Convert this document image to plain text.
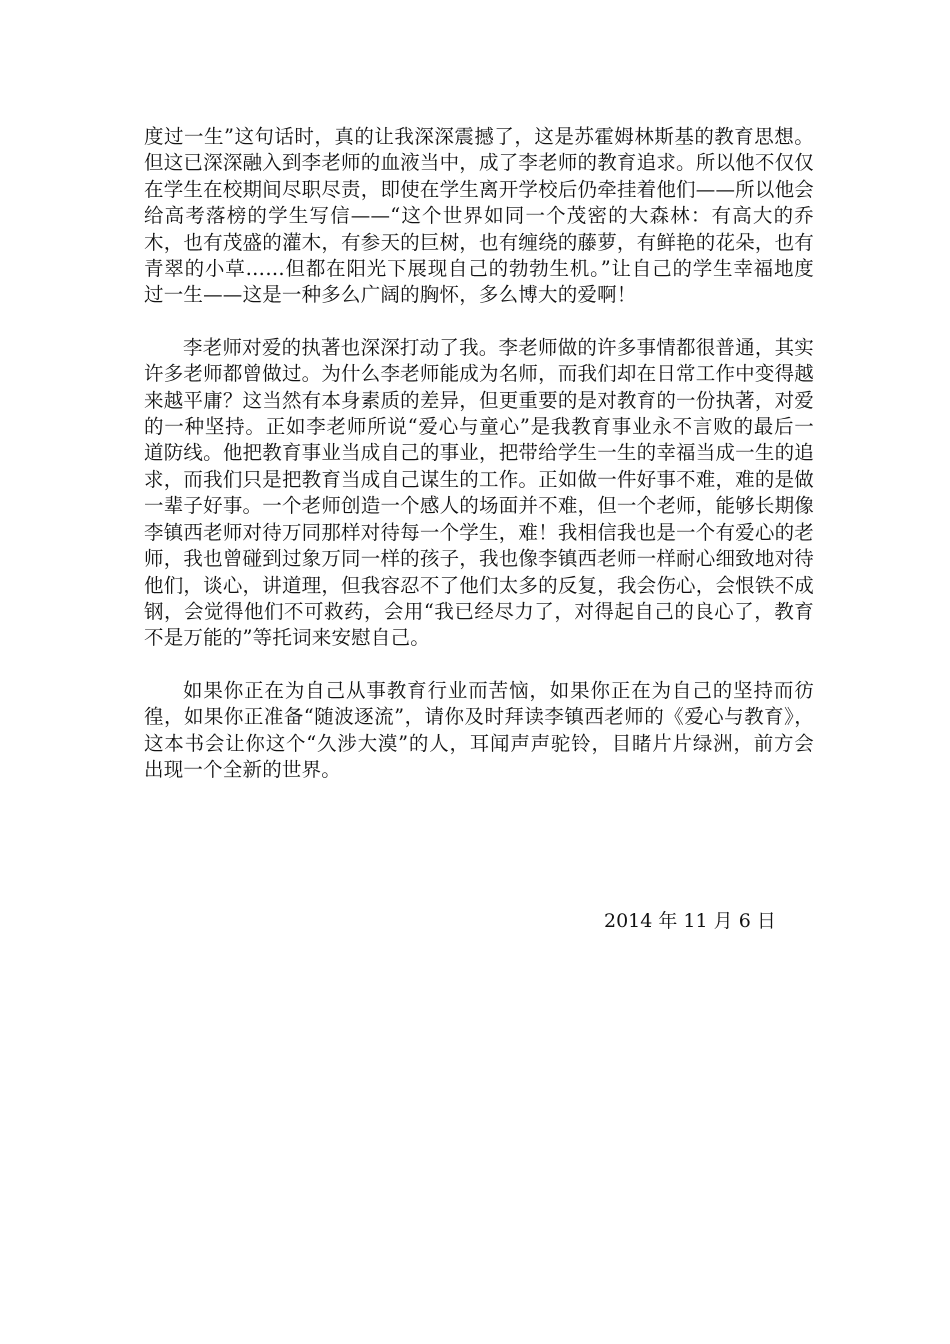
度过一生”这句话时，真的让我深深震撼了，这是苏霍姆林斯基的教育思想。但这已深深融入到李老师的血液当中，成了李老师的教育追求。所以他不仅仅在学生在校期间尽职尽责，即使在学生离开学校后仍牵挂着他们——所以他会给高考落榜的学生写信——“这个世界如同一个茂密的大森林：有高大的乔木，也有茂盛的灌木，有参天的巨树，也有缠绕的藤萝，有鲜艳的花朵，也有青翠的小草……但都在阳光下展现自己的勃勃生机。”让自己的学生幸福地度过一生——这是一种多么广阔的胸怀，多么博大的爱啊！

李老师对爱的执著也深深打动了我。李老师做的许多事情都很普通，其实许多老师都曾做过。为什么李老师能成为名师，而我们却在日常工作中变得越来越平庸？这当然有本身素质的差异，但更重要的是对教育的一份执著，对爱的一种坚持。正如李老师所说“爱心与童心”是我教育事业永不言败的最后一道防线。他把教育事业当成自己的事业，把带给学生一生的幸福当成一生的追求，而我们只是把教育当成自己谋生的工作。正如做一件好事不难，难的是做一辈子好事。一个老师创造一个感人的场面并不难，但一个老师，能够长期像李镇西老师对待万同那样对待每一个学生，难！我相信我也是一个有爱心的老师，我也曾碰到过象万同一样的孩子，我也像李镇西老师一样耐心细致地对待他们，谈心，讲道理，但我容忍不了他们太多的反复，我会伤心，会恨铁不成钢，会觉得他们不可救药，会用“我已经尽力了，对得起自己的良心了，教育不是万能的”等托词来安慰自己。

如果你正在为自己从事教育行业而苦恼，如果你正在为自己的坚持而彷徨，如果你正准备“随波逐流”，请你及时拜读李镇西老师的《爱心与教育》，这本书会让你这个“久涉大漠”的人，耳闻声声驼铃，目睹片片绿洲，前方会出现一个全新的世界。

2014 年 11 月 6 日
